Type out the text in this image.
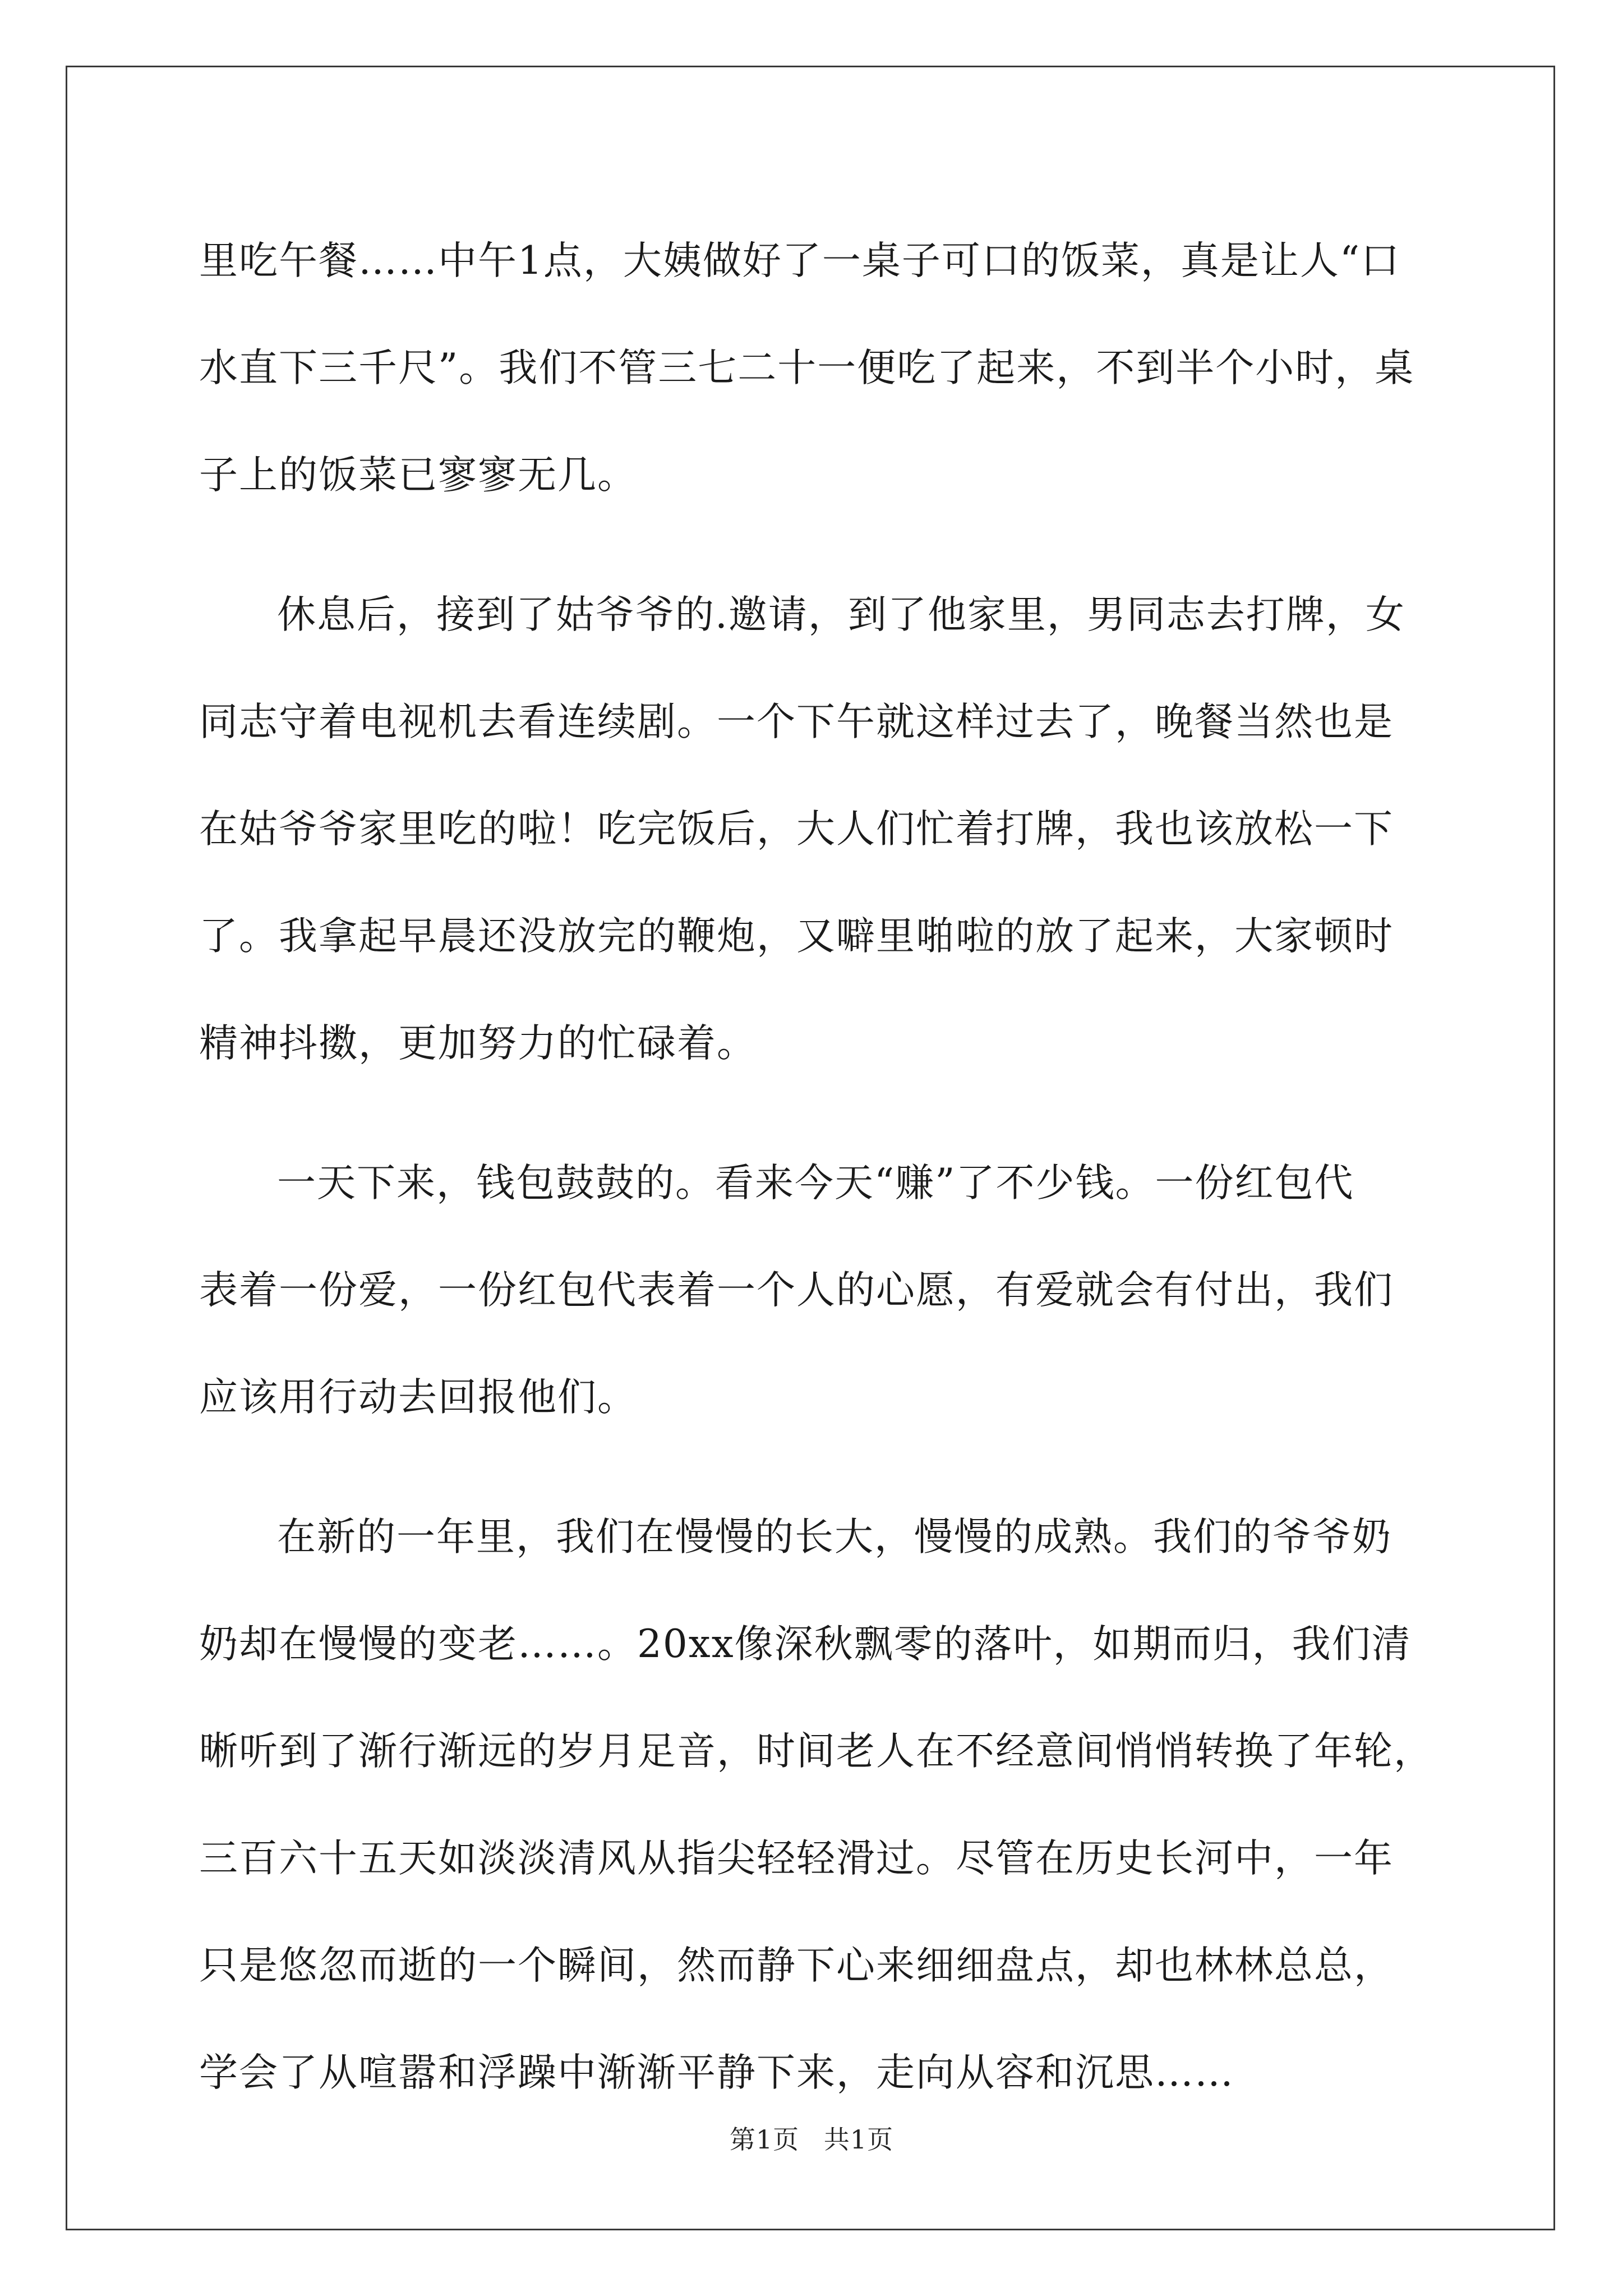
里吃午餐……中午1点，大姨做好了一桌子可口的饭菜，真是让人“口
水直下三千尺”。我们不管三七二十一便吃了起来，不到半个小时，桌
子上的饭菜已寥寥无几。

休息后，接到了姑爷爷的.邀请，到了他家里，男同志去打牌，女
同志守着电视机去看连续剧。一个下午就这样过去了，晚餐当然也是
在姑爷爷家里吃的啦！吃完饭后，大人们忙着打牌，我也该放松一下
了。我拿起早晨还没放完的鞭炮，又噼里啪啦的放了起来，大家顿时
精神抖擞，更加努力的忙碌着。

一天下来，钱包鼓鼓的。看来今天“赚”了不少钱。一份红包代
表着一份爱，一份红包代表着一个人的心愿，有爱就会有付出，我们
应该用行动去回报他们。

在新的一年里，我们在慢慢的长大，慢慢的成熟。我们的爷爷奶
奶却在慢慢的变老……。20xx像深秋飘零的落叶，如期而归，我们清
晰听到了渐行渐远的岁月足音，时间老人在不经意间悄悄转换了年轮，
三百六十五天如淡淡清风从指尖轻轻滑过。尽管在历史长河中，一年
只是悠忽而逝的一个瞬间，然而静下心来细细盘点，却也林林总总，
学会了从喧嚣和浮躁中渐渐平静下来，走向从容和沉思……

第1页 共1页
